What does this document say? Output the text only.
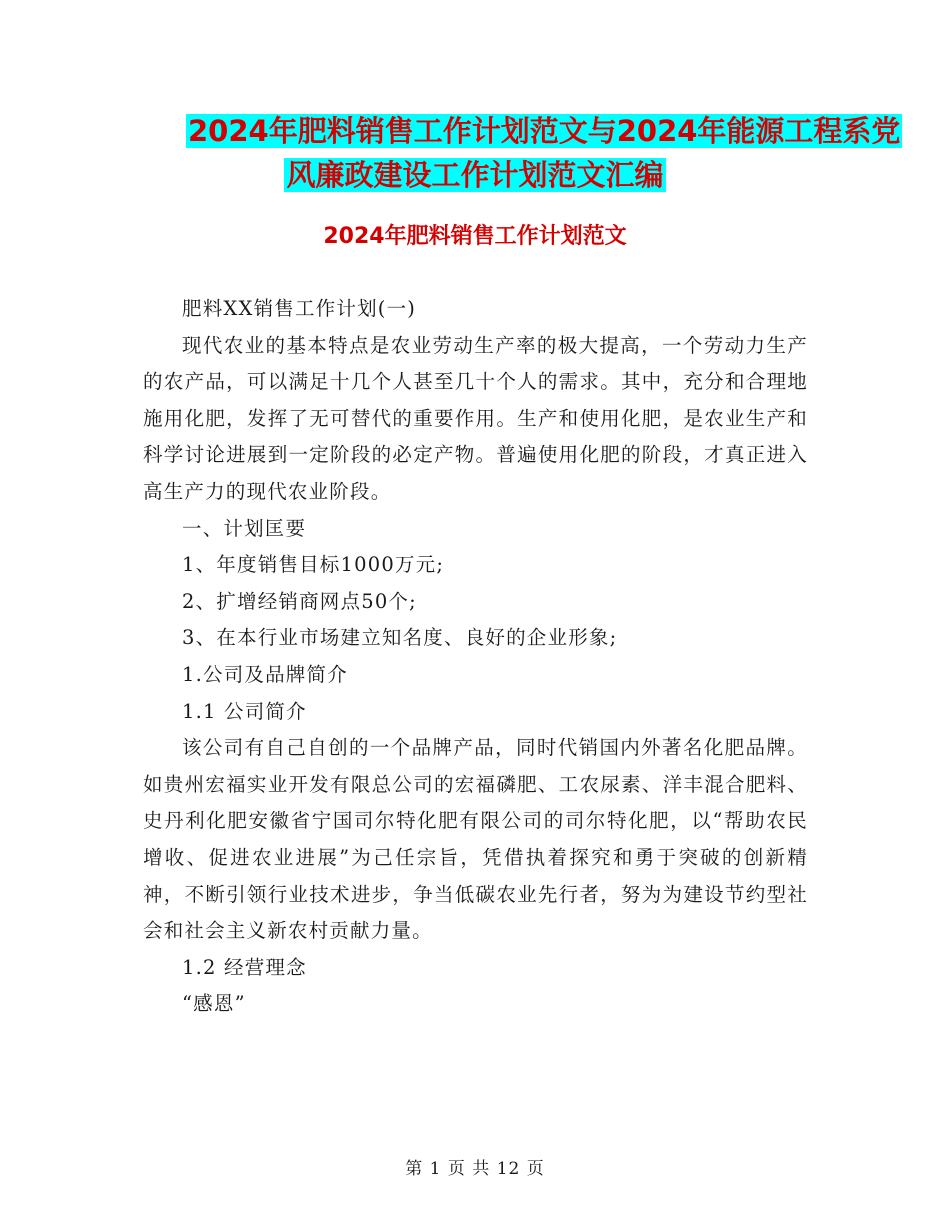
2024年肥料销售工作计划范文与2024年能源工程系党
风廉政建设工作计划范文汇编
2024年肥料销售工作计划范文

肥料XX销售工作计划(一)

现代农业的基本特点是农业劳动生产率的极大提高，一个劳动力生产的农产品，可以满足十几个人甚至几十个人的需求。其中，充分和合理地施用化肥，发挥了无可替代的重要作用。生产和使用化肥，是农业生产和科学讨论进展到一定阶段的必定产物。普遍使用化肥的阶段，才真正进入高生产力的现代农业阶段。

一、计划匡要

1、年度销售目标1000万元;

2、扩增经销商网点50个;

3、在本行业市场建立知名度、良好的企业形象;

1.公司及品牌简介

1.1 公司简介

该公司有自己自创的一个品牌产品，同时代销国内外著名化肥品牌。如贵州宏福实业开发有限总公司的宏福磷肥、工农尿素、洋丰混合肥料、史丹利化肥安徽省宁国司尔特化肥有限公司的司尔特化肥，以“帮助农民增收、促进农业进展”为己任宗旨，凭借执着探究和勇于突破的创新精神，不断引领行业技术进步，争当低碳农业先行者，努为为建设节约型社会和社会主义新农村贡献力量。

1.2 经营理念

“感恩”

第 1 页 共 12 页
